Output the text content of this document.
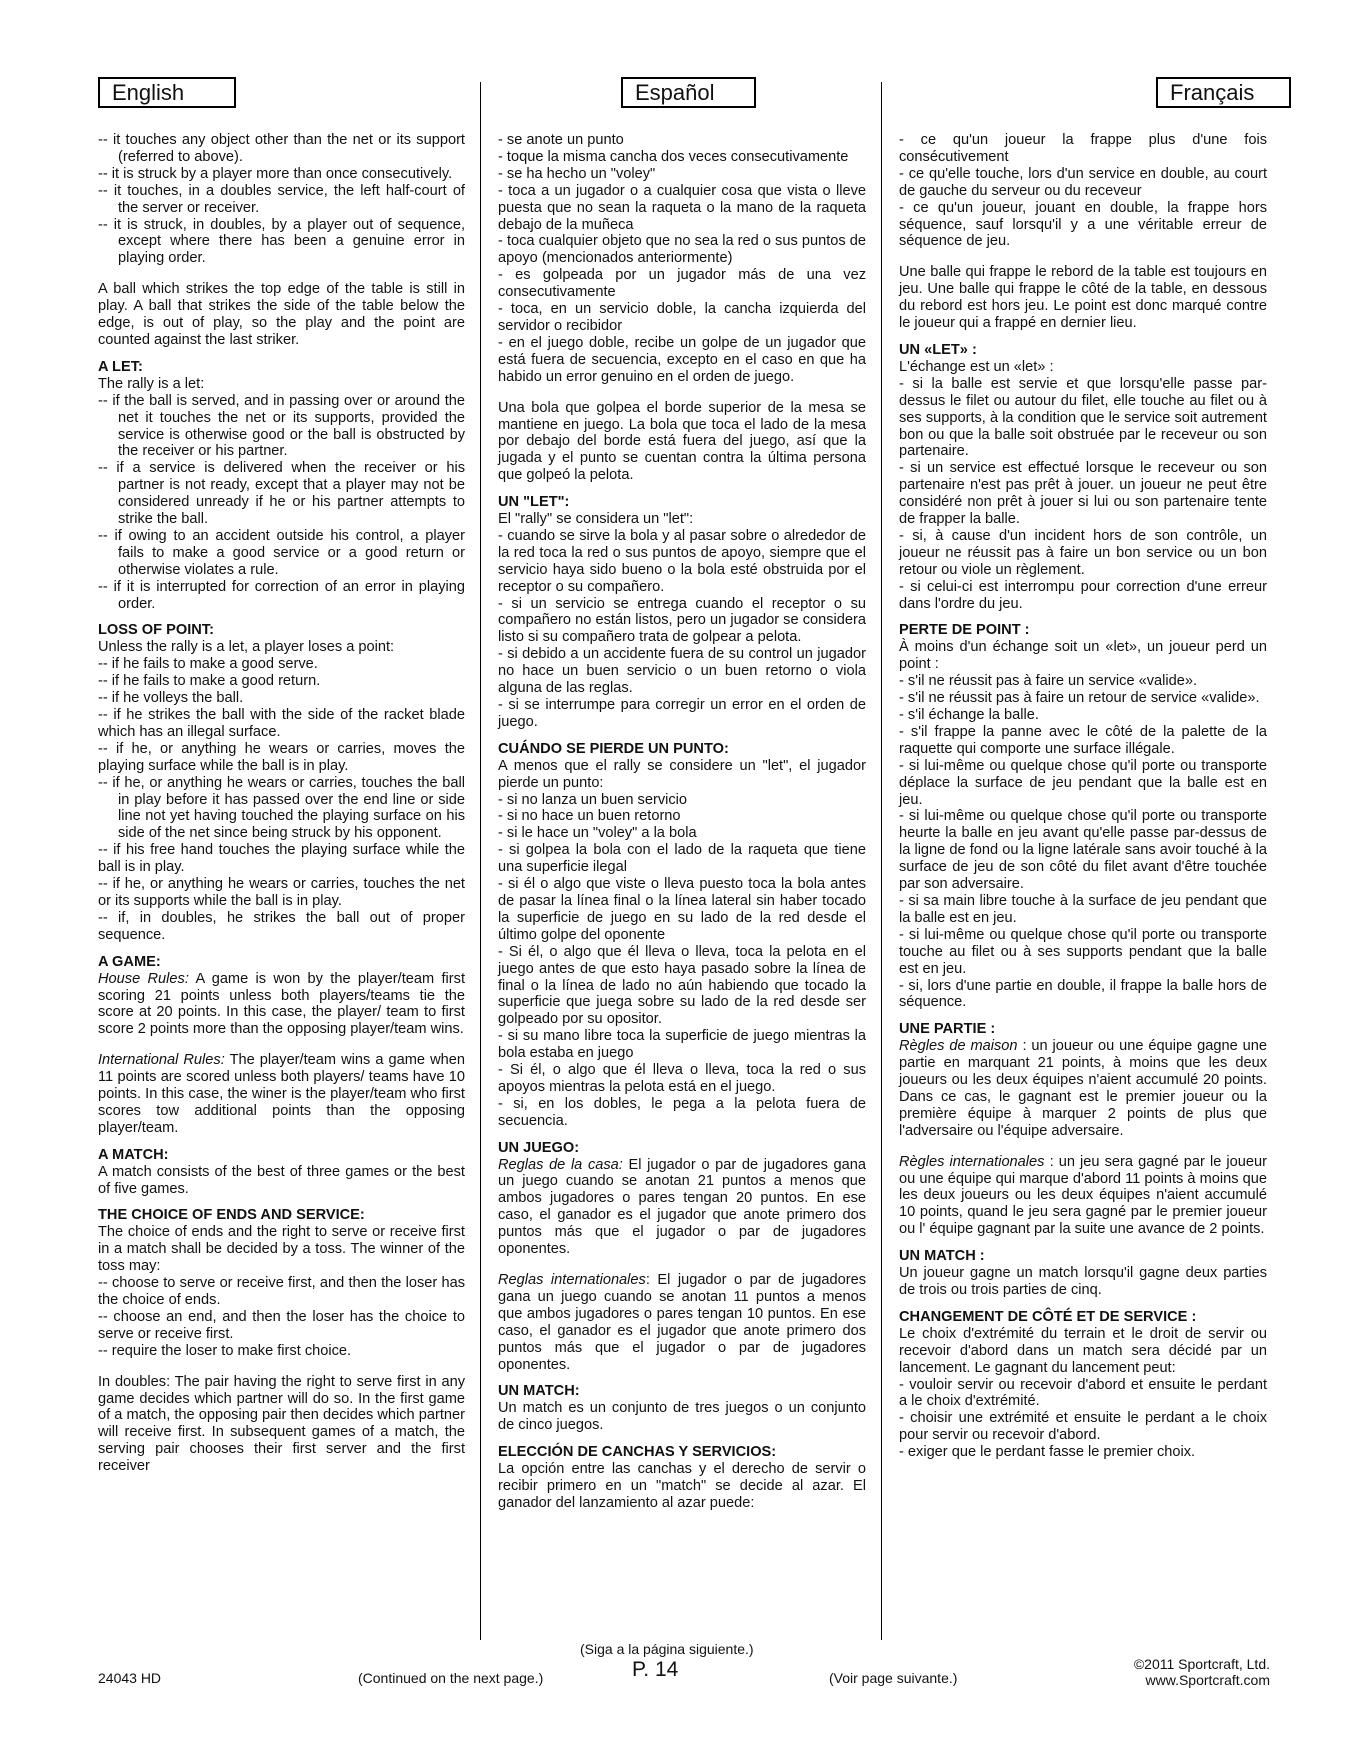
English	Español	Français

-- it touches any object other than the net or its support (referred to above).

-- it is struck by a player more than once consecutively.

-- it touches, in a doubles service, the left half-court of the server or receiver.

-- it is struck, in doubles, by a player out of sequence, except where there has been a genuine error in playing order.

A ball which strikes the top edge of the table is still in play. A ball that strikes the side of the table below the edge, is out of play, so the play and the point are counted against the last striker.

A LET:

The rally is a let:

-- if the ball is served, and in passing over or around the net it touches the net or its supports, provided the service is otherwise good or the ball is obstructed by the receiver or his partner.

-- if a service is delivered when the receiver or his partner is not ready, except that a player may not be considered unready if he or his partner attempts to strike the ball.

-- if owing to an accident outside his control, a player fails to make a good service or a good return or otherwise violates a rule.

-- if it is interrupted for correction of an error in playing order.

LOSS OF POINT:

Unless the rally is a let, a player loses a point:

-- if he fails to make a good serve.

-- if he fails to make a good return.

-- if he volleys the ball.

-- if he strikes the ball with the side of the racket blade which has an illegal surface.

-- if he, or anything he wears or carries, moves the playing surface while the ball is in play.

-- if he, or anything he wears or carries, touches the ball in play before it has passed over the end line or side line not yet having touched the playing surface on his side of the net since being struck by his opponent.

-- if his free hand touches the playing surface while the ball is in play.

-- if he, or anything he wears or carries, touches the net or its supports while the ball is in play.

-- if, in doubles, he strikes the ball out of proper sequence.

A GAME:

House Rules: A game is won by the player/team first scoring 21 points unless both players/teams tie the score at 20 points. In this case, the player/ team to first score 2 points more than the opposing player/team wins.

International Rules: The player/team wins a game when 11 points are scored unless both players/ teams have 10 points. In this case, the winer is the player/team who first scores tow additional points than the opposing player/team.

A MATCH:

A match consists of the best of three games or the best of five games.

THE CHOICE OF ENDS AND SERVICE:

The choice of ends and the right to serve or receive first in a match shall be decided by a toss. The winner of the toss may:

-- choose to serve or receive first, and then the loser has the choice of ends.

-- choose an end, and then the loser has the choice to serve or receive first.

-- require the loser to make first choice.

In doubles: The pair having the right to serve first in any game decides which partner will do so. In the first game of a match, the opposing pair then decides which partner will receive first. In subsequent games of a match, the serving pair chooses their first server and the first receiver

- se anote un punto

- toque la misma cancha dos veces consecutivamente

- se ha hecho un "voley"

- toca a un jugador o a cualquier cosa que vista o lleve puesta que no sean la raqueta o la mano de la raqueta debajo de la muñeca

- toca cualquier objeto que no sea la red o sus puntos de apoyo (mencionados anteriormente)

- es golpeada por un jugador más de una vez consecutivamente

- toca, en un servicio doble, la cancha izquierda del servidor o recibidor

- en el juego doble, recibe un golpe de un jugador que está fuera de secuencia, excepto en el caso en que ha habido un error genuino en el orden de juego.

Una bola que golpea el borde superior de la mesa se mantiene en juego. La bola que toca el lado de la mesa por debajo del borde está fuera del juego, así que la jugada y el punto se cuentan contra la última persona que golpeó la pelota.

UN "LET":

El "rally" se considera un "let":

- cuando se sirve la bola y al pasar sobre o alrededor de la red toca la red o sus puntos de apoyo, siempre que el servicio haya sido bueno o la bola esté obstruida por el receptor o su compañero.

- si un servicio se entrega cuando el receptor o su compañero no están listos, pero un jugador se considera listo si su compañero trata de golpear a pelota.

- si debido a un accidente fuera de su control un jugador no hace un buen servicio o un buen retorno o viola alguna de las reglas.

- si se interrumpe para corregir un error en el orden de juego.

CUÁNDO SE PIERDE UN PUNTO:

A menos que el rally se considere un "let", el jugador pierde un punto:

- si no lanza un buen servicio

- si no hace un buen retorno

- si le hace un "voley" a la bola

- si golpea la bola con el lado de la raqueta que tiene una superficie ilegal

- si él o algo que viste o lleva puesto toca la bola antes de pasar la línea final o la línea lateral sin haber tocado la superficie de juego en su lado de la red desde el último golpe del oponente

- Si él, o algo que él lleva o lleva, toca la pelota en el juego antes de que esto haya pasado sobre la línea de final o la línea de lado no aún habiendo que tocado la superficie que juega sobre su lado de la red desde ser golpeado por su opositor.

- si su mano libre toca la superficie de juego mientras la bola estaba en juego

- Si él, o algo que él lleva o lleva, toca la red o sus apoyos mientras la pelota está en el juego.

- si, en los dobles, le pega a la pelota fuera de secuencia.

UN JUEGO:

Reglas de la casa: El jugador o par de jugadores gana un juego cuando se anotan 21 puntos a menos que ambos jugadores o pares tengan 20 puntos. En ese caso, el ganador es el jugador que anote primero dos puntos más que el jugador o par de jugadores oponentes.

Reglas internationales: El jugador o par de jugadores gana un juego cuando se anotan 11 puntos a menos que ambos jugadores o pares tengan 10 puntos. En ese caso, el ganador es el jugador que anote primero dos puntos más que el jugador o par de jugadores oponentes.

UN MATCH:

Un match es un conjunto de tres juegos o un conjunto de cinco juegos.

ELECCIÓN DE CANCHAS Y SERVICIOS:

La opción entre las canchas y el derecho de servir o recibir primero en un "match" se decide al azar. El ganador del lanzamiento al azar puede:

- ce qu'un joueur la frappe plus d'une fois consécutivement

- ce qu'elle touche, lors d'un service en double, au court de gauche du serveur ou du receveur

- ce qu'un joueur, jouant en double, la frappe hors séquence, sauf lorsqu'il y a une véritable erreur de séquence de jeu.

Une balle qui frappe le rebord de la table est toujours en jeu. Une balle qui frappe le côté de la table, en dessous du rebord est hors jeu. Le point est donc marqué contre le joueur qui a frappé en dernier lieu.

UN «LET» :

L'échange est un «let» :

- si la balle est servie et que lorsqu'elle passe par-dessus le filet ou autour du filet, elle touche au filet ou à ses supports, à la condition que le service soit autrement bon ou que la balle soit obstruée par le receveur ou son partenaire.

- si un service est effectué lorsque le receveur ou son partenaire n'est pas prêt à jouer. un joueur ne peut être considéré non prêt à jouer si lui ou son partenaire tente de frapper la balle.

- si, à cause d'un incident hors de son contrôle, un joueur ne réussit pas à faire un bon service ou un bon retour ou viole un règlement.

- si celui-ci est interrompu pour correction d'une erreur dans l'ordre du jeu.

PERTE DE POINT :

À moins d'un échange soit un «let», un joueur perd un point :

- s'il ne réussit pas à faire un service «valide».

- s'il ne réussit pas à faire un retour de service «valide».

- s'il échange la balle.

- s'il frappe la panne avec le côté de la palette de la raquette qui comporte une surface illégale.

- si lui-même ou quelque chose qu'il porte ou transporte déplace la surface de jeu pendant que la balle est en jeu.

- si lui-même ou quelque chose qu'il porte ou transporte heurte la balle en jeu avant qu'elle passe par-dessus de la ligne de fond ou la ligne latérale sans avoir touché à la surface de jeu de son côté du filet avant d'être touchée par son adversaire.

- si sa main libre touche à la surface de jeu pendant que la balle est en jeu.

- si lui-même ou quelque chose qu'il porte ou transporte touche au filet ou à ses supports pendant que la balle est en jeu.

- si, lors d'une partie en double, il frappe la balle hors de séquence.

UNE PARTIE :

Règles de maison : un joueur ou une équipe gagne une partie en marquant 21 points, à moins que les deux joueurs ou les deux équipes n'aient accumulé 20 points. Dans ce cas, le gagnant est le premier joueur ou la première équipe à marquer 2 points de plus que l'adversaire ou l'équipe adversaire.

Règles internationales : un jeu sera gagné par le joueur ou une équipe qui marque d'abord 11 points à moins que les deux joueurs ou les deux équipes n'aient accumulé 10 points, quand le jeu sera gagné par le premier joueur ou l' équipe gagnant par la suite une avance de 2 points.

UN MATCH :

Un joueur gagne un match lorsqu'il gagne deux parties de trois ou trois parties de cinq.

CHANGEMENT DE CÔTÉ ET DE SERVICE :

Le choix d'extrémité du terrain et le droit de servir ou recevoir d'abord dans un match sera décidé par un lancement. Le gagnant du lancement peut:

- vouloir servir ou recevoir d'abord et ensuite le perdant a le choix d'extrémité.

- choisir une extrémité et ensuite le perdant a le choix pour servir ou recevoir d'abord.

- exiger que le perdant fasse le premier choix.

24043 HD	(Continued on the next page.)
(Siga a la página siguiente.)
P. 14	(Voir page suivante.)
©2011 Sportcraft, Ltd.
www.Sportcraft.com
